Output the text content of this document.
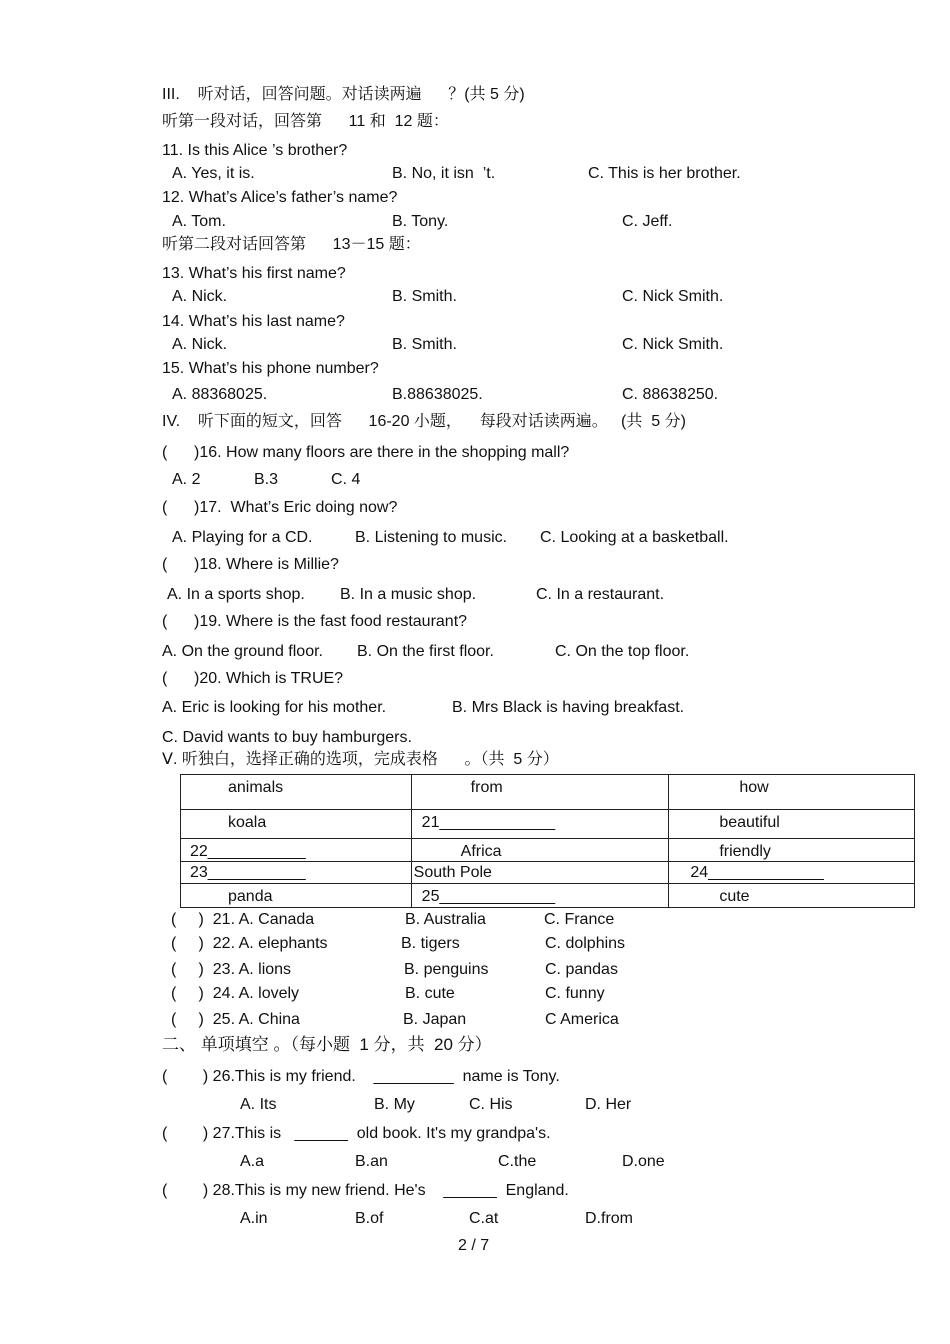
III.    听对话，回答问题。对话读两遍      ？(共 5 分)
听第一段对话，回答第      11 和  12 题：
11. Is this Alice ’s brother?
A. Yes, it is.	B. No, it isn  ’t.	C. This is her brother.
12. What’s Alice’s father’s name?
A. Tom.	B. Tony.	C. Jeff.
听第二段对话回答第      13－15 题：
13. What’s his first name?
A. Nick.	B. Smith.	C. Nick Smith.
14. What’s his last name?
A. Nick.	B. Smith.	C. Nick Smith.
15. What’s his phone number?
A. 88368025.	B.88638025.	C. 88638250.
IV.    听下面的短文，回答      16-20 小题，    每段对话读两遍。   (共  5 分)
(      )16. How many floors are there in the shopping mall?
A. 2	B.3	C. 4
(      )17.  What’s Eric doing now?
A. Playing for a CD.	B. Listening to music. C. Looking at a basketball.
(      )18. Where is Millie?
A. In a sports shop. B. In a music shop.	C. In a restaurant.
(      )19. Where is the fast food restaurant?
A. On the ground floor. B. On the first floor.	C. On the top floor.
(      )20. Which is TRUE?
A. Eric is looking for his mother.	B. Mrs Black is having breakfast.
C. David wants to buy hamburgers.
Ⅴ. 听独白，选择正确的选项，完成表格      。（共  5 分）
animals	from	how

koala	21_____________	beautiful

22___________	Africa	friendly

23___________	South Pole	24_____________

panda	25_____________	cute
(     )  21. A. Canada	B. Australia	C. France
(     )  22. A. elephants	B. tigers	C. dolphins
(     )  23. A. lions	B. penguins	C. pandas
(     )  24. A. lovely	B. cute	C. funny
(     )  25. A. China	B. Japan	C America
二、 单项填空 。（每小题  1 分，共  20 分）
(        ) 26.This is my friend.    _________  name is Tony.
A. Its	B. My	C. His	D. Her
(        ) 27.This is   ______  old book. It's my grandpa's.
A.a	B.an	C.the	D.one
(        ) 28.This is my new friend. He's    ______  England.
A.in	B.of	C.at	D.from
2 / 7
